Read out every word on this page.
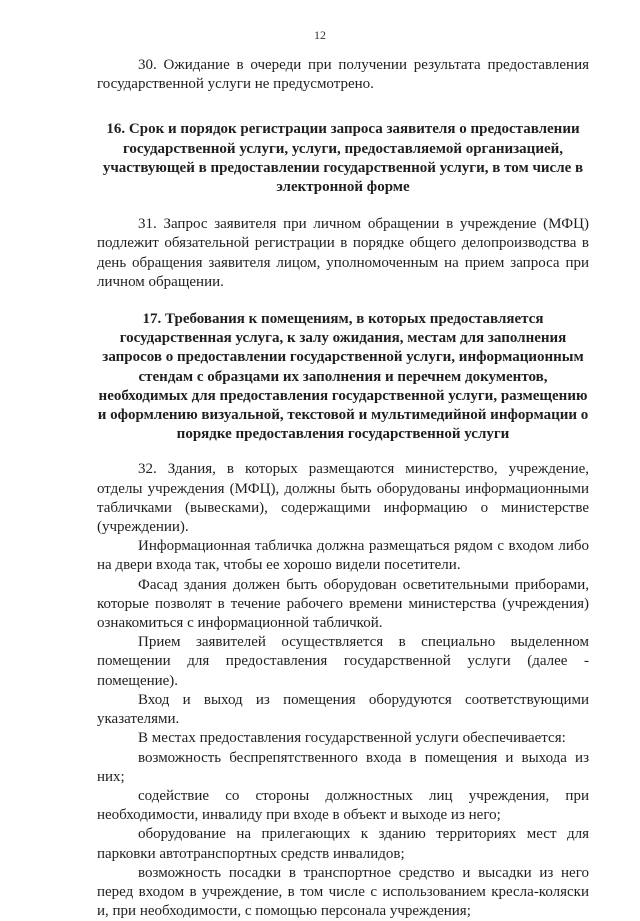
12

30. Ожидание в очереди при получении результата предоставления государственной услуги не предусмотрено.

16. Срок и порядок регистрации запроса заявителя о предоставлении государственной услуги, услуги, предоставляемой организацией, участвующей в предоставлении государственной услуги, в том числе в электронной форме

31. Запрос заявителя при личном обращении в учреждение (МФЦ) подлежит обязательной регистрации в порядке общего делопроизводства в день обращения заявителя лицом, уполномоченным на прием запроса при личном обращении.

17. Требования к помещениям, в которых предоставляется государственная услуга, к залу ожидания, местам для заполнения запросов о предоставлении государственной услуги, информационным стендам с образцами их заполнения и перечнем документов, необходимых для предоставления государственной услуги, размещению и оформлению визуальной, текстовой и мультимедийной информации о порядке предоставления государственной услуги

32. Здания, в которых размещаются министерство, учреждение, отделы учреждения (МФЦ), должны быть оборудованы информационными табличками (вывесками), содержащими информацию о министерстве (учреждении).

Информационная табличка должна размещаться рядом с входом либо на двери входа так, чтобы ее хорошо видели посетители.

Фасад здания должен быть оборудован осветительными приборами, которые позволят в течение рабочего времени министерства (учреждения) ознакомиться с информационной табличкой.

Прием заявителей осуществляется в специально выделенном помещении для предоставления государственной услуги (далее - помещение).

Вход и выход из помещения оборудуются соответствующими указателями.

В местах предоставления государственной услуги обеспечивается:

возможность беспрепятственного входа в помещения и выхода из них;

содействие со стороны должностных лиц учреждения, при необходимости, инвалиду при входе в объект и выходе из него;

оборудование на прилегающих к зданию территориях мест для парковки автотранспортных средств инвалидов;

возможность посадки в транспортное средство и высадки из него перед входом в учреждение, в том числе с использованием кресла-коляски и, при необходимости, с помощью персонала учреждения;
